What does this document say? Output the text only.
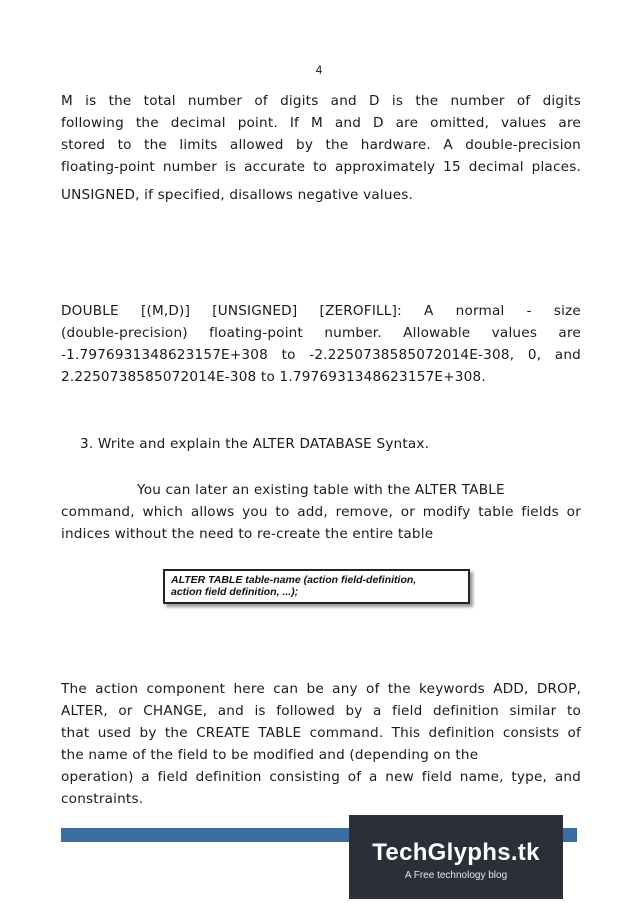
4
M is the total number of digits and D is the number of digits
following the decimal point. If M and D are omitted, values are
stored to the limits allowed by the hardware. A double-precision
floating-point number is accurate to approximately 15 decimal places.
UNSIGNED, if specified, disallows negative values.
DOUBLE [(M,D)] [UNSIGNED] [ZEROFILL]: A normal - size
(double-precision) floating-point number. Allowable values are
-1.7976931348623157E+308 to -2.2250738585072014E-308, 0, and
2.2250738585072014E-308 to 1.7976931348623157E+308.
3. Write and explain the ALTER DATABASE Syntax.
You can later an existing table with the ALTER TABLE
command, which allows you to add, remove, or modify table fields or
indices without the need to re-create the entire table
ALTER TABLE table-name (action field-definition,
action field definition, ...);
The action component here can be any of the keywords ADD, DROP,
ALTER, or CHANGE, and is followed by a field definition similar to
that used by the CREATE TABLE command. This definition consists of
the name of the field to be modified and (depending on the
operation) a field definition consisting of a new field name, type, and
constraints.
TechGlyphs.tk
A Free technology blog
